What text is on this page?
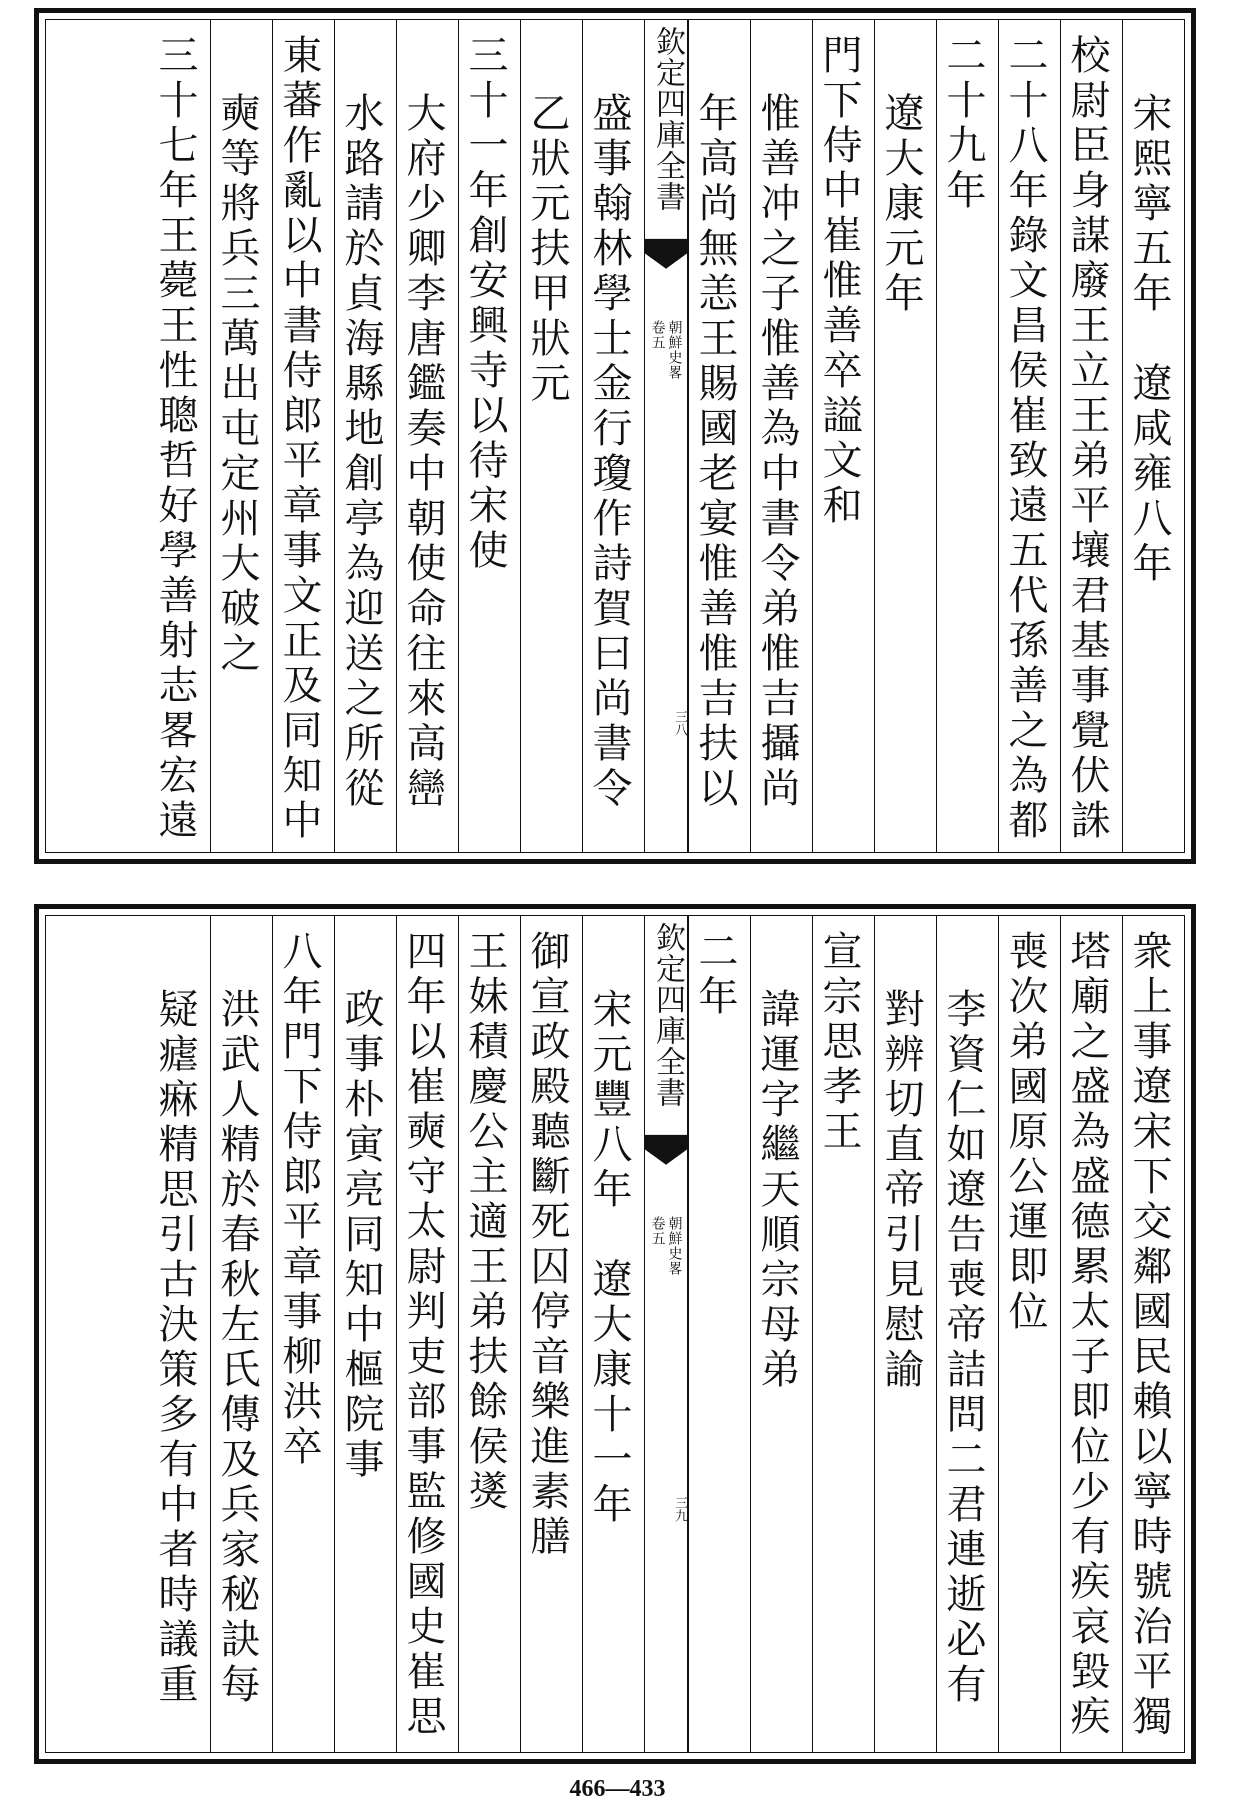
宋熙寧五年　遼咸雍八年
校尉臣身謀廢王立王弟平壤君基事覺伏誅
二十八年錄文昌侯崔致遠五代孫善之為都
二十九年
遼大康元年
門下侍中崔惟善卒謚文和
惟善冲之子惟善為中書令弟惟吉攝尚
年高尚無恙王賜國老宴惟善惟吉扶以
欽定四庫全書
朝鮮史畧
卷五
三八
盛事翰林學士金行瓊作詩賀曰尚書令
乙狀元扶甲狀元
三十一年創安興寺以待宋使
大府少卿李唐鑑奏中朝使命往來高巒
水路請於貞海縣地創亭為迎送之所從
東蕃作亂以中書侍郎平章事文正及同知中
奭等將兵三萬出屯定州大破之
三十七年王薨王性聰哲好學善射志畧宏遠
衆上事遼宋下交鄰國民賴以寧時號治平獨
塔廟之盛為盛德累太子即位少有疾哀毀疾
喪次弟國原公運即位
李資仁如遼告喪帝詰問二君連逝必有
對辨切直帝引見慰諭
宣宗思孝王
諱運字繼天順宗母弟
二年
欽定四庫全書
朝鮮史畧
卷五
三九
宋元豐八年　遼大康十一年
御宣政殿聽斷死囚停音樂進素膳
王妹積慶公主適王弟扶餘侯㸂
四年以崔奭守太尉判吏部事監修國史崔思
政事朴寅亮同知中樞院事
八年門下侍郎平章事柳洪卒
洪武人精於春秋左氏傳及兵家秘訣每
疑瘧痳精思引古決策多有中者時議重
466—433
